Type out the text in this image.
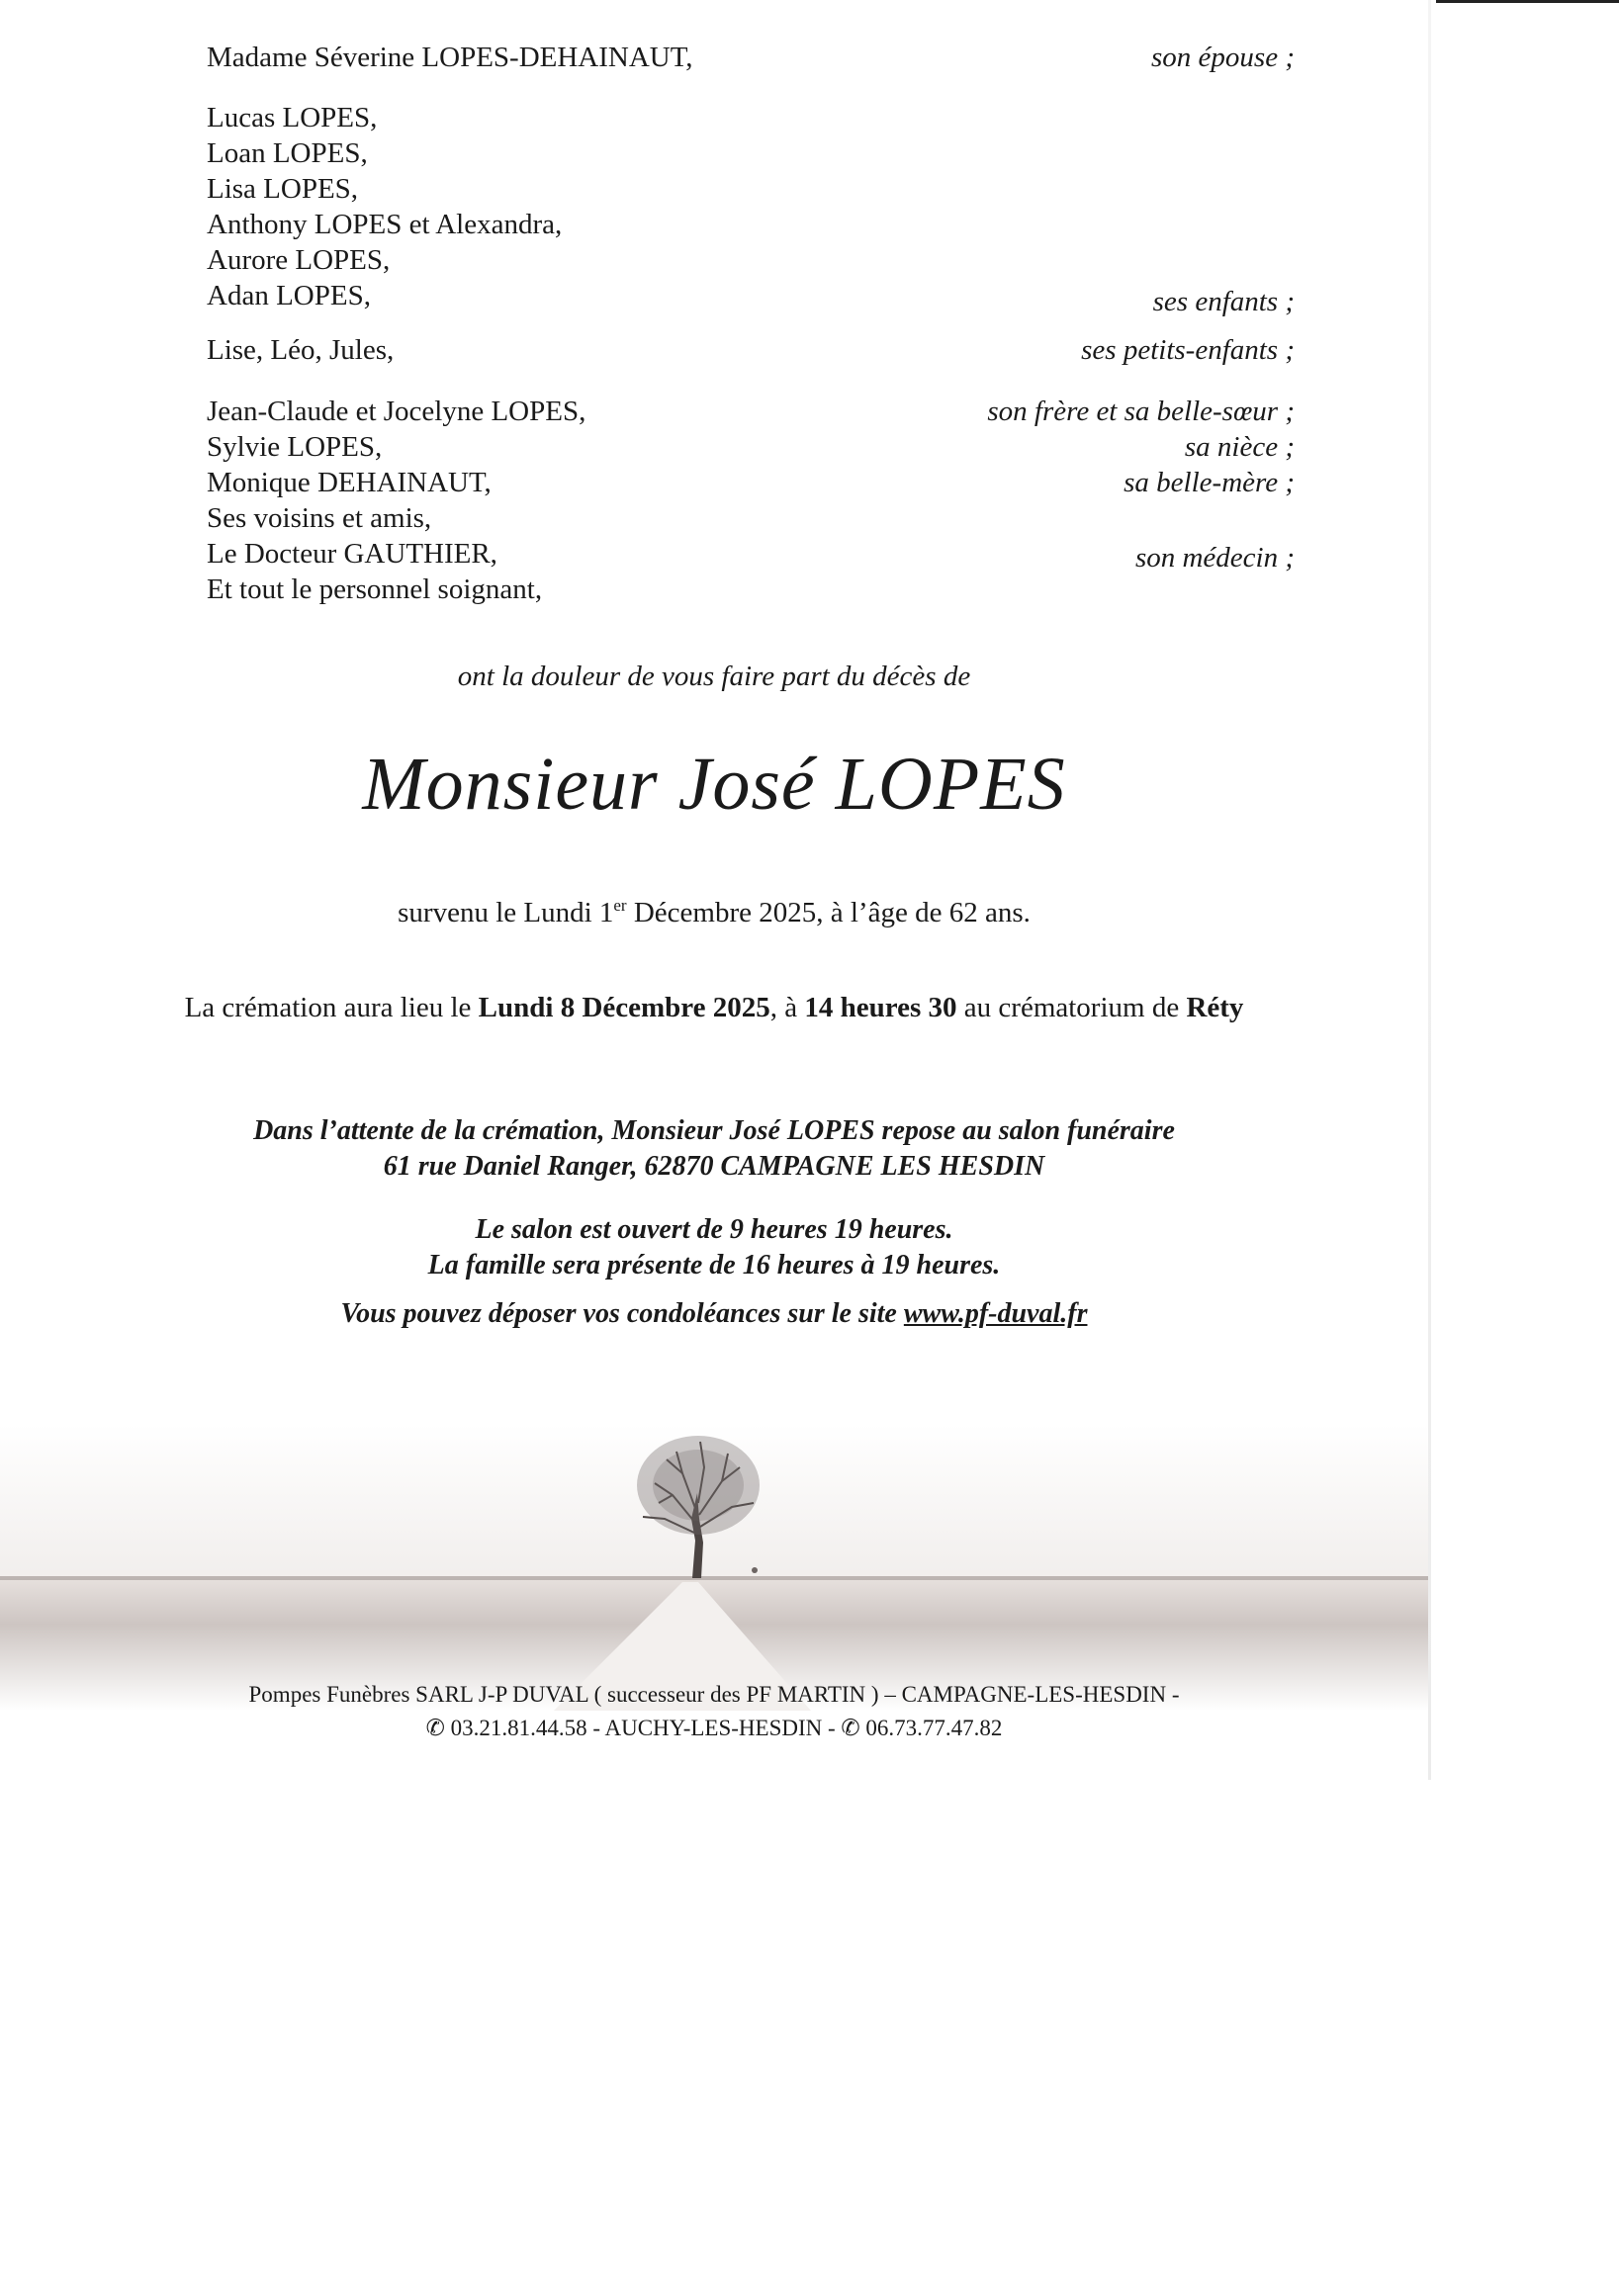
Madame Séverine LOPES-DEHAINAUT,	son épouse ;
Lucas LOPES,
Loan LOPES,
Lisa LOPES,
Anthony LOPES et Alexandra,
Aurore LOPES,
Adan LOPES,	ses enfants ;
Lise, Léo, Jules,	ses petits-enfants ;
Jean-Claude et Jocelyne LOPES,	son frère et sa belle-sœur ;
Sylvie LOPES,	sa nièce ;
Monique DEHAINAUT,	sa belle-mère ;
Ses voisins et amis,
Le Docteur GAUTHIER,	son médecin ;
Et tout le personnel soignant,
ont la douleur de vous faire part du décès de
Monsieur José LOPES
survenu le Lundi 1er Décembre 2025, à l’âge de 62 ans.
La crémation aura lieu le Lundi 8 Décembre 2025, à 14 heures 30 au crématorium de Réty
Dans l’attente de la crémation, Monsieur José LOPES repose au salon funéraire
61 rue Daniel Ranger, 62870 CAMPAGNE LES HESDIN
Le salon est ouvert de 9 heures 19 heures.
La famille sera présente de 16 heures à 19 heures.
Vous pouvez déposer vos condoléances sur le site www.pf-duval.fr
Pompes Funèbres SARL J-P DUVAL ( successeur des PF MARTIN ) – CAMPAGNE-LES-HESDIN -
✆ 03.21.81.44.58 - AUCHY-LES-HESDIN - ✆ 06.73.77.47.82
